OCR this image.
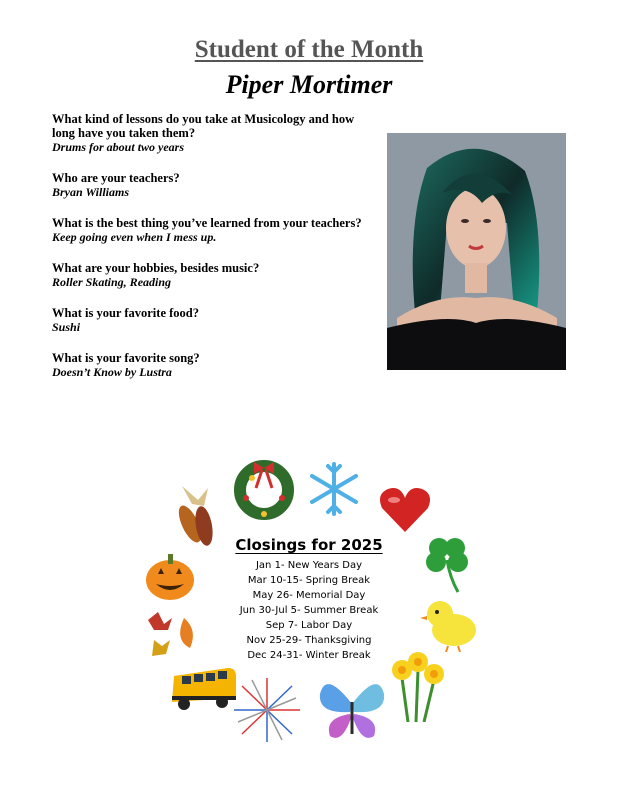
Student of the Month
Piper Mortimer

What kind of lessons do you take at Musicology and how long have you taken them?

Drums for about two years

Who are your teachers?

Bryan Williams

What is the best thing you’ve learned from your teachers?

Keep going even when I mess up.

What are your hobbies, besides music?

Roller Skating, Reading

What is your favorite food?

Sushi

What is your favorite song?

Doesn’t Know by Lustra

Closings for 2025
Jan 1- New Years Day
Mar 10-15- Spring Break
May 26- Memorial Day
Jun 30-Jul 5- Summer Break
Sep 7- Labor Day
Nov 25-29- Thanksgiving
Dec 24-31- Winter Break
